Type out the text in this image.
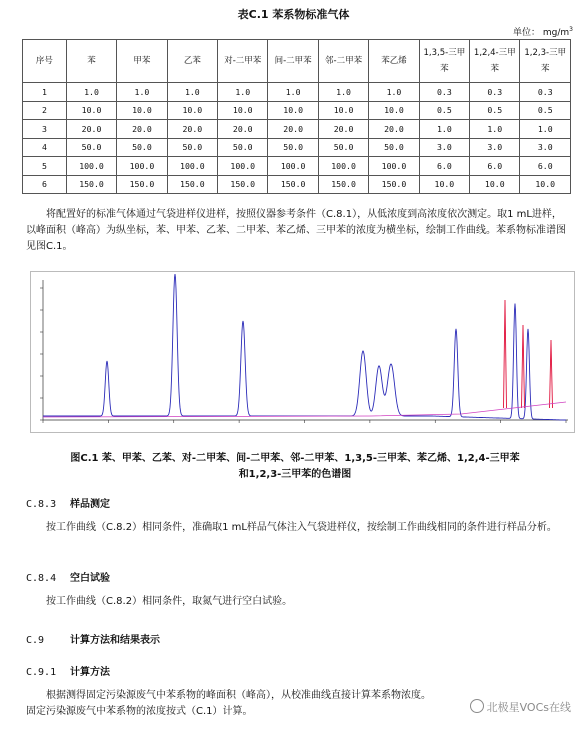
表C.1 苯系物标准气体
单位： $mg/m^3$
序号	苯	甲苯	乙苯	对-二甲苯	间-二甲苯	邻-二甲苯	苯乙烯	1,3,5-三甲苯	1,2,4-三甲苯	1,2,3-三甲苯
1	1.0	1.0	1.0	1.0	1.0	1.0	1.0	0.3	0.3	0.3
2	10.0	10.0	10.0	10.0	10.0	10.0	10.0	0.5	0.5	0.5
3	20.0	20.0	20.0	20.0	20.0	20.0	20.0	1.0	1.0	1.0
4	50.0	50.0	50.0	50.0	50.0	50.0	50.0	3.0	3.0	3.0
5	100.0	100.0	100.0	100.0	100.0	100.0	100.0	6.0	6.0	6.0
6	150.0	150.0	150.0	150.0	150.0	150.0	150.0	10.0	10.0	10.0

将配置好的标准气体通过气袋进样仪进样，按照仪器参考条件（C.8.1），从低浓度到高浓度依次测定。取1 mL进样，以峰面积（峰高）为纵坐标，苯、甲苯、乙苯、二甲苯、苯乙烯、三甲苯的浓度为横坐标，绘制工作曲线。苯系物标准谱图见图C.1。

图C.1 苯、甲苯、乙苯、对-二甲苯、间-二甲苯、邻-二甲苯、1,3,5-三甲苯、苯乙烯、1,2,4-三甲苯
和1,2,3-三甲苯的色谱图
C.8.3 样品测定

按工作曲线（C.8.2）相同条件，准确取1 mL样品气体注入气袋进样仪，按绘制工作曲线相同的条件进行样品分析。

C.8.4 空白试验

按工作曲线（C.8.2）相同条件，取氮气进行空白试验。

C.9	计算方法和结果表示
C.9.1 计算方法

根据测得固定污染源废气中苯系物的峰面积（峰高），从校准曲线直接计算苯系物浓度。
固定污染源废气中苯系物的浓度按式（C.1）计算。	北极星VOCs在线
